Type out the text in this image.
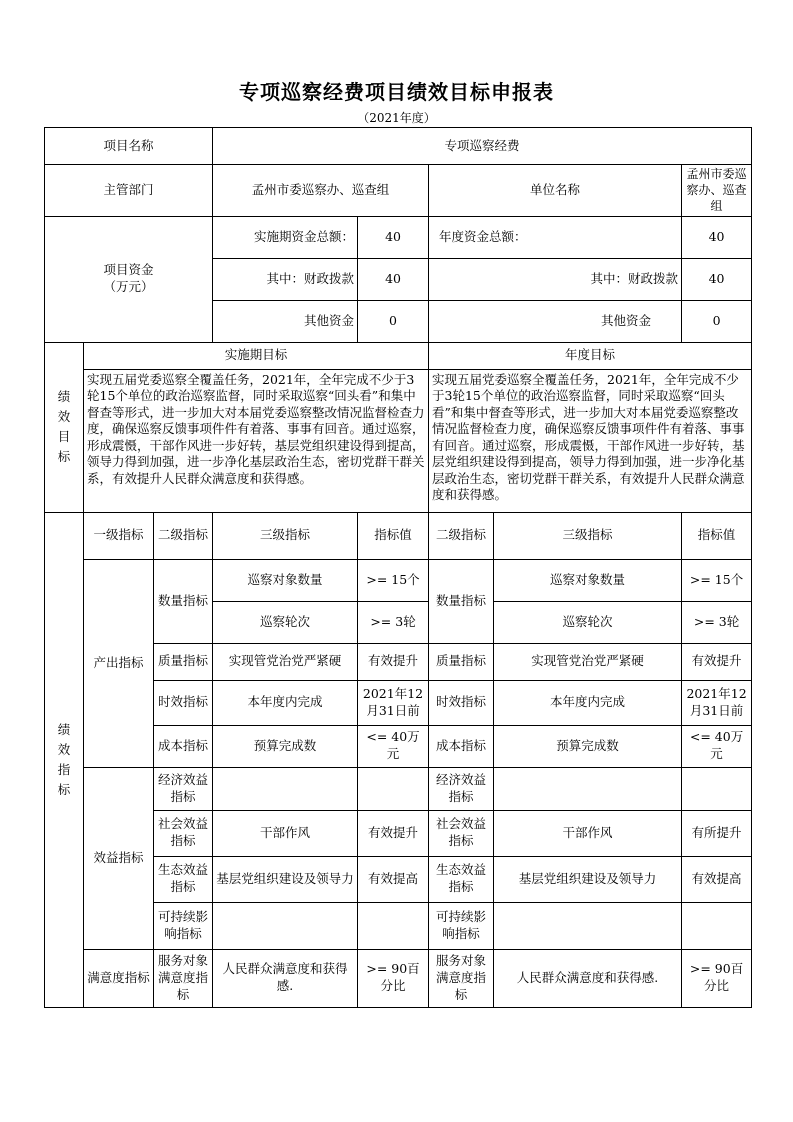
专项巡察经费项目绩效目标申报表
（2021年度）
项目名称			专项巡察经费				
主管部门			孟州市委巡察办、巡查组		单位名称		孟州市委巡察办、巡查组

项目资金
（万元）			实施期资金总额：	40	年度资金总额：		40
			其中：财政拨款	40	其中：财政拨款		40
			其他资金	0	其他资金		0

绩效目标	实施期目标				年度目标		
	实现五届党委巡察全覆盖任务，2021年，全年完成不少于3轮15个单位的政治巡察监督，同时采取巡察“回头看”和集中督查等形式，进一步加大对本届党委巡察整改情况监督检查力度，确保巡察反馈事项件件有着落、事事有回音。通过巡察，形成震慑，干部作风进一步好转，基层党组织建设得到提高，领导力得到加强，进一步净化基层政治生态，密切党群干群关系，有效提升人民群众满意度和获得感。				实现五届党委巡察全覆盖任务，2021年，全年完成不少于3轮15个单位的政治巡察监督，同时采取巡察“回头看”和集中督查等形式，进一步加大对本届党委巡察整改情况监督检查力度，确保巡察反馈事项件件有着落、事事有回音。通过巡察，形成震慑，干部作风进一步好转，基层党组织建设得到提高，领导力得到加强，进一步净化基层政治生态，密切党群干群关系，有效提升人民群众满意度和获得感。		

绩效指标	一级指标	二级指标	三级指标	指标值	二级指标	三级指标	指标值
	产出指标	数量指标	巡察对象数量	>= 15个	数量指标	巡察对象数量	>= 15个
			巡察轮次	>= 3轮		巡察轮次	>= 3轮
		质量指标	实现管党治党严紧硬	有效提升	质量指标	实现管党治党严紧硬	有效提升
		时效指标	本年度内完成	2021年12月31日前	时效指标	本年度内完成	2021年12月31日前
		成本指标	预算完成数	<= 40万元	成本指标	预算完成数	<= 40万元
	效益指标	经济效益指标			经济效益指标		
		社会效益指标	干部作风	有效提升	社会效益指标	干部作风	有所提升
		生态效益指标	基层党组织建设及领导力	有效提高	生态效益指标	基层党组织建设及领导力	有效提高
		可持续影响指标			可持续影响指标		
	满意度指标	服务对象满意度指标	人民群众满意度和获得感.	>= 90百分比	服务对象满意度指标	人民群众满意度和获得感.	>= 90百分比
